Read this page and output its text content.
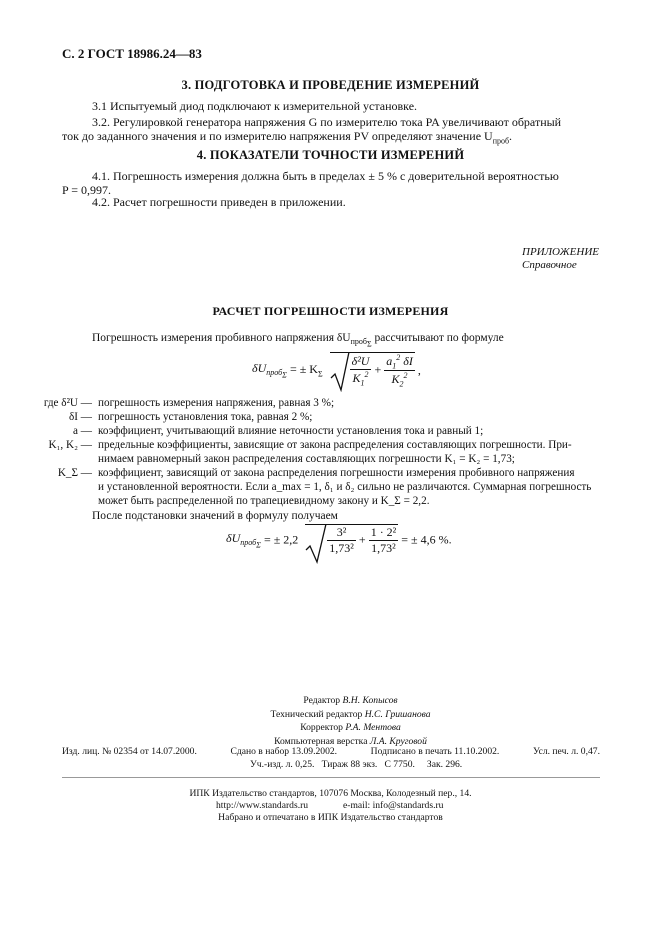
С. 2 ГОСТ 18986.24—83
3. ПОДГОТОВКА И ПРОВЕДЕНИЕ ИЗМЕРЕНИЙ
3.1 Испытуемый диод подключают к измерительной установке.
3.2. Регулировкой генератора напряжения G по измерителю тока PA увеличивают обратный
ток до заданного значения и по измерителю напряжения PV определяют значение $U_{проб}$.
4. ПОКАЗАТЕЛИ ТОЧНОСТИ ИЗМЕРЕНИЙ
4.1. Погрешность измерения должна быть в пределах ± 5 % с доверительной вероятностью
P = 0,997.
4.2. Расчет погрешности приведен в приложении.
ПРИЛОЖЕНИЕ
Справочное
РАСЧЕТ ПОГРЕШНОСТИ ИЗМЕРЕНИЯ
Погрешность измерения пробивного напряжения $\delta U_{проб_\Sigma}$ рассчитывают по формуле
$\delta U_{проб_\Sigma}$ = ± $K_\Sigma \frac{\text{δ²U}}{K_1^2} + \frac{a_1^2 \delta I}{K_2^2}$ ,
где δ²U — погрешность измерения напряжения, равная 3 %;
δI — погрешность установления тока, равная 2 %;
a — коэффициент, учитывающий влияние неточности установления тока и равный 1;
K₁, K₂ — предельные коэффициенты, зависящие от закона распределения составляющих погрешности. При-
нимаем равномерный закон распределения составляющих погрешности K₁ = K₂ = 1,73;
K_Σ — коэффициент, зависящий от закона распределения погрешности измерения пробивного напряжения
и установленной вероятности. Если a_max = 1, δ₁ и δ₂ сильно не различаются. Суммарная погрешность
может быть распределенной по трапециевидному закону и K_Σ = 2,2.
После подстановки значений в формулу получаем
$\delta U_{проб_\Sigma}$ = ± $2,2 \frac{\text{3²}}{\text{1,73²}} + \frac{\text{1 · 2²}}{\text{1,73²}}$ = ± 4,6 %.
Редактор В.Н. Копысов
Технический редактор Н.С. Гришанова
Корректор Р.А. Ментова
Компьютерная верстка Л.А. Круговой
Изд. лиц. № 02354 от 14.07.2000.	Сдано в набор 13.09.2002.	Подписано в печать 11.10.2002.	Усл. печ. л. 0,47.
Уч.-изд. л. 0,25. Тираж 88 экз. С 7750. Зак. 296.
ИПК Издательство стандартов, 107076 Москва, Колодезный пер., 14.
http://www.standards.ru	e-mail: info@standards.ru
Набрано и отпечатано в ИПК Издательство стандартов
